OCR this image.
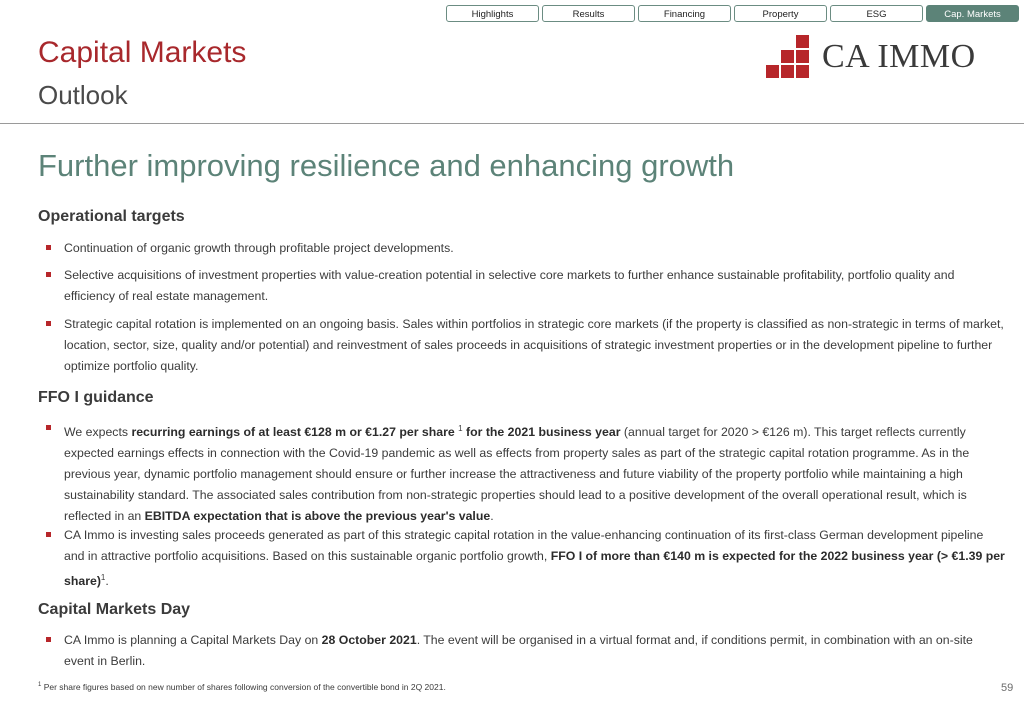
Highlights	Results	Financing	Property	ESG	Cap. Markets
Capital Markets
Outlook
CA IMMO
Further improving resilience and enhancing growth
Operational targets
Continuation of organic growth through profitable project developments.
Selective acquisitions of investment properties with value-creation potential in selective core markets to further enhance sustainable profitability, portfolio quality and efficiency of real estate management.
Strategic capital rotation is implemented on an ongoing basis. Sales within portfolios in strategic core markets (if the property is classified as non-strategic in terms of market, location, sector, size, quality and/or potential) and reinvestment of sales proceeds in acquisitions of strategic investment properties or in the development pipeline to further optimize portfolio quality.
FFO I guidance
We expects recurring earnings of at least €128 m or €1.27 per share $^1$ for the 2021 business year (annual target for 2020 > €126 m). This target reflects currently expected earnings effects in connection with the Covid-19 pandemic as well as effects from property sales as part of the strategic capital rotation programme. As in the previous year, dynamic portfolio management should ensure or further increase the attractiveness and future viability of the property portfolio while maintaining a high sustainability standard. The associated sales contribution from non-strategic properties should lead to a positive development of the overall operational result, which is reflected in an EBITDA expectation that is above the previous year's value.
CA Immo is investing sales proceeds generated as part of this strategic capital rotation in the value-enhancing continuation of its first-class German development pipeline and in attractive portfolio acquisitions. Based on this sustainable organic portfolio growth, FFO I of more than €140 m is expected for the 2022 business year (> €1.39 per share)$^1$.
Capital Markets Day
CA Immo is planning a Capital Markets Day on 28 October 2021. The event will be organised in a virtual format and, if conditions permit, in combination with an on-site event in Berlin.
$^1$ Per share figures based on new number of shares following conversion of the convertible bond in 2Q 2021.	59
